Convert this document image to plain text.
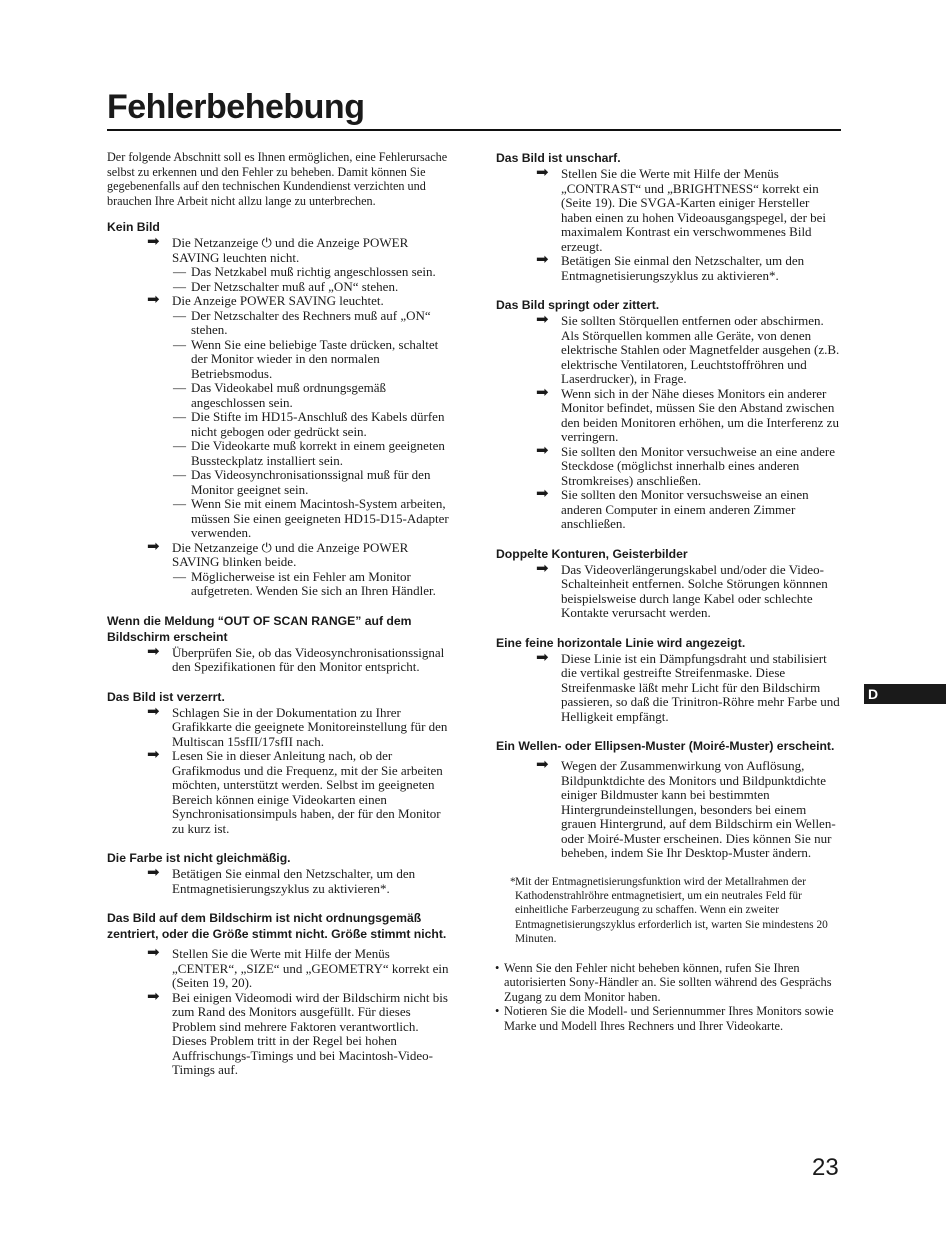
Fehlerbehebung

Der folgende Abschnitt soll es Ihnen ermöglichen, eine Fehlerursache selbst zu erkennen und den Fehler zu beheben. Damit können Sie gegebenenfalls auf den technischen Kundendienst verzichten und brauchen Ihre Arbeit nicht allzu lange zu unterbrechen.

Kein Bild

➡ Die Netzanzeige ⏻ und die Anzeige POWER SAVING leuchten nicht.

— Das Netzkabel muß richtig angeschlossen sein.

— Der Netzschalter muß auf „ON“ stehen.

➡ Die Anzeige POWER SAVING leuchtet.

— Der Netzschalter des Rechners muß auf „ON“ stehen.

— Wenn Sie eine beliebige Taste drücken, schaltet der Monitor wieder in den normalen Betriebsmodus.

— Das Videokabel muß ordnungsgemäß angeschlossen sein.

— Die Stifte im HD15-Anschluß des Kabels dürfen nicht gebogen oder gedrückt sein.

— Die Videokarte muß korrekt in einem geeigneten Bussteckplatz installiert sein.

— Das Videosynchronisationssignal muß für den Monitor geeignet sein.

— Wenn Sie mit einem Macintosh-System arbeiten, müssen Sie einen geeigneten HD15-D15-Adapter verwenden.

➡ Die Netzanzeige ⏻ und die Anzeige POWER SAVING blinken beide.

— Möglicherweise ist ein Fehler am Monitor aufgetreten. Wenden Sie sich an Ihren Händler.

Wenn die Meldung “OUT OF SCAN RANGE” auf dem Bildschirm erscheint

➡ Überprüfen Sie, ob das Videosynchronisationssignal den Spezifikationen für den Monitor entspricht.

Das Bild ist verzerrt.

➡ Schlagen Sie in der Dokumentation zu Ihrer Grafikkarte die geeignete Monitoreinstellung für den Multiscan 15sfII/17sfII nach.

➡ Lesen Sie in dieser Anleitung nach, ob der Grafikmodus und die Frequenz, mit der Sie arbeiten möchten, unterstützt werden. Selbst im geeigneten Bereich können einige Videokarten einen Synchronisationsimpuls haben, der für den Monitor zu kurz ist.

Die Farbe ist nicht gleichmäßig.

➡ Betätigen Sie einmal den Netzschalter, um den Entmagnetisierungszyklus zu aktivieren*.

Das Bild auf dem Bildschirm ist nicht ordnungsgemäß zentriert, oder die Größe stimmt nicht. Größe stimmt nicht.

➡ Stellen Sie die Werte mit Hilfe der Menüs „CENTER“, „SIZE“ und „GEOMETRY“ korrekt ein (Seiten 19, 20).

➡ Bei einigen Videomodi wird der Bildschirm nicht bis zum Rand des Monitors ausgefüllt. Für dieses Problem sind mehrere Faktoren verantwortlich. Dieses Problem tritt in der Regel bei hohen Auffrischungs-Timings und bei Macintosh-Video-Timings auf.

Das Bild ist unscharf.

➡ Stellen Sie die Werte mit Hilfe der Menüs „CONTRAST“ und „BRIGHTNESS“ korrekt ein (Seite 19). Die SVGA-Karten einiger Hersteller haben einen zu hohen Videoausgangspegel, der bei maximalem Kontrast ein verschwommenes Bild erzeugt.

➡ Betätigen Sie einmal den Netzschalter, um den Entmagnetisierungszyklus zu aktivieren*.

Das Bild springt oder zittert.

➡ Sie sollten Störquellen entfernen oder abschirmen. Als Störquellen kommen alle Geräte, von denen elektrische Stahlen oder Magnetfelder ausgehen (z.B. elektrische Ventilatoren, Leuchtstoffröhren und Laserdrucker), in Frage.

➡ Wenn sich in der Nähe dieses Monitors ein anderer Monitor befindet, müssen Sie den Abstand zwischen den beiden Monitoren erhöhen, um die Interferenz zu verringern.

➡ Sie sollten den Monitor versuchweise an eine andere Steckdose (möglichst innerhalb eines anderen Stromkreises) anschließen.

➡ Sie sollten den Monitor versuchsweise an einen anderen Computer in einem anderen Zimmer anschließen.

Doppelte Konturen, Geisterbilder

➡ Das Videoverlängerungskabel und/oder die Video-Schalteinheit entfernen. Solche Störungen könnnen beispielsweise durch lange Kabel oder schlechte Kontakte verursacht werden.

Eine feine horizontale Linie wird angezeigt.

➡ Diese Linie ist ein Dämpfungsdraht und stabilisiert die vertikal gestreifte Streifenmaske. Diese Streifenmaske läßt mehr Licht für den Bildschirm passieren, so daß die Trinitron-Röhre mehr Farbe und Helligkeit empfängt.

Ein Wellen- oder Ellipsen-Muster (Moiré-Muster) erscheint.

➡ Wegen der Zusammenwirkung von Auflösung, Bildpunktdichte des Monitors und Bildpunktdichte einiger Bildmuster kann bei bestimmten Hintergrundeinstellungen, besonders bei einem grauen Hintergrund, auf dem Bildschirm ein Wellen- oder Moiré-Muster erscheinen. Dies können Sie nur beheben, indem Sie Ihr Desktop-Muster ändern.

* Mit der Entmagnetisierungsfunktion wird der Metallrahmen der Kathodenstrahlröhre entmagnetisiert, um ein neutrales Feld für einheitliche Farberzeugung zu schaffen. Wenn ein zweiter Entmagnetisierungszyklus erforderlich ist, warten Sie mindestens 20 Minuten.

• Wenn Sie den Fehler nicht beheben können, rufen Sie Ihren autorisierten Sony-Händler an. Sie sollten während des Gesprächs Zugang zu dem Monitor haben.

• Notieren Sie die Modell- und Seriennummer Ihres Monitors sowie Marke und Modell Ihres Rechners und Ihrer Videokarte.

D
23
